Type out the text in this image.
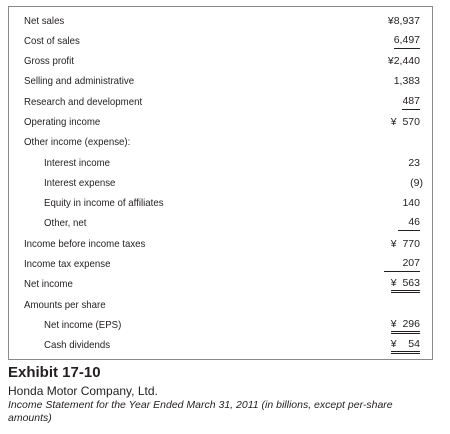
Net sales	¥8,937
Cost of sales	6,497
Gross profit	¥2,440
Selling and administrative	1,383
Research and development	487
Operating income	¥  570
Other income (expense):
Interest income	23
Interest expense	(9)
Equity in income of affiliates	140
Other, net	46
Income before income taxes	¥  770
Income tax expense	207
Net income	¥  563
Amounts per share
Net income (EPS)	¥  296
Cash dividends	¥    54
Exhibit 17-10
Honda Motor Company, Ltd.
Income Statement for the Year Ended March 31, 2011 (in billions, except per-share amounts)
